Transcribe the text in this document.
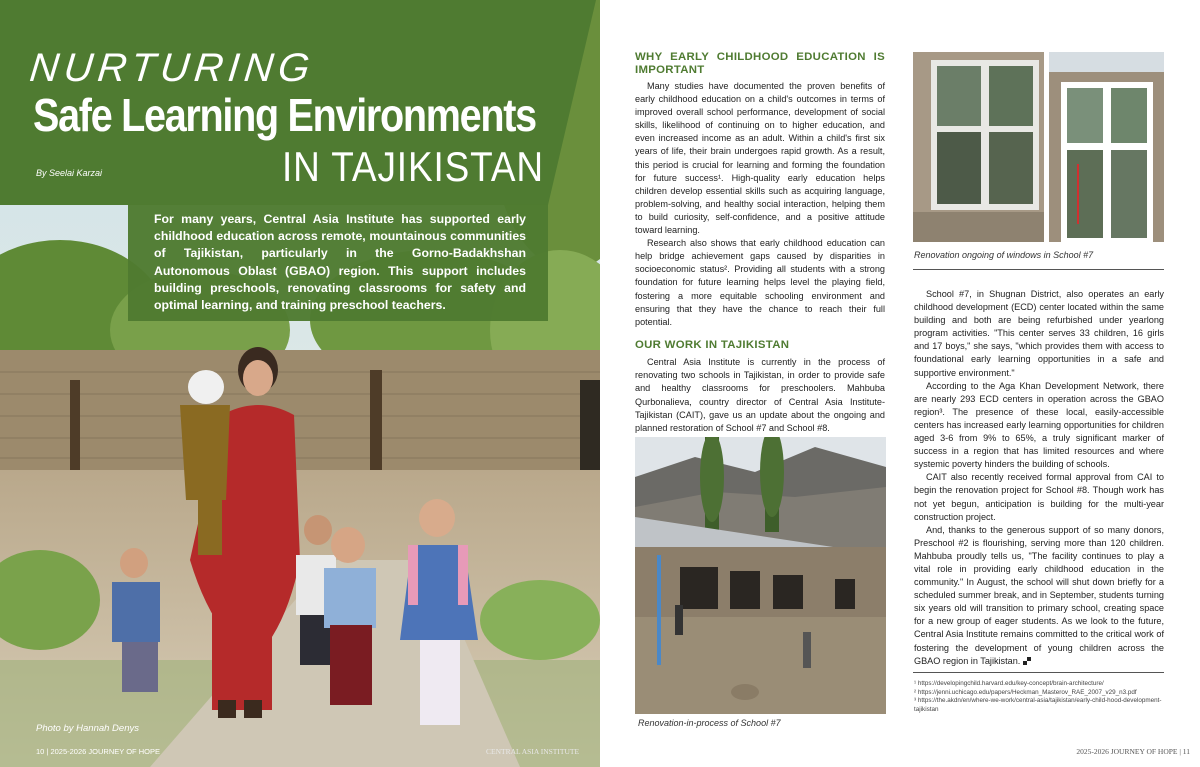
NURTURING
Safe Learning Environments
IN TAJIKISTAN
By Seelai Karzai
For many years, Central Asia Institute has supported early childhood education across remote, mountainous communities of Tajikistan, particularly in the Gorno-Badakhshan Autonomous Oblast (GBAO) region. This support includes building preschools, renovating classrooms for safety and optimal learning, and training preschool teachers.
Photo by Hannah Denys
10 | 2025-2026 JOURNEY OF HOPE	CENTRAL ASIA INSTITUTE
WHY EARLY CHILDHOOD EDUCATION IS IMPORTANT

Many studies have documented the proven benefits of early childhood education on a child's outcomes in terms of improved overall school performance, development of social skills, likelihood of continuing on to higher education, and even increased income as an adult. Within a child's first six years of life, their brain undergoes rapid growth. As a result, this period is crucial for learning and forming the foundation for future success¹. High-quality early education helps children develop essential skills such as acquiring language, problem-solving, and healthy social interaction, helping them to build curiosity, self-confidence, and a positive attitude toward learning.

Research also shows that early childhood education can help bridge achievement gaps caused by disparities in socioeconomic status². Providing all students with a strong foundation for future learning helps level the playing field, fostering a more equitable schooling environment and ensuring that they have the chance to reach their full potential.

OUR WORK IN TAJIKISTAN

Central Asia Institute is currently in the process of renovating two schools in Tajikistan, in order to provide safe and healthy classrooms for preschoolers. Mahbuba Qurbonalieva, country director of Central Asia Institute-Tajikistan (CAIT), gave us an update about the ongoing and planned restoration of School #7 and School #8.

Renovation-in-process of School #7
Renovation ongoing of windows in School #7

School #7, in Shugnan District, also operates an early childhood development (ECD) center located within the same building and both are being refurbished under yearlong program activities. "This center serves 33 children, 16 girls and 17 boys," she says, "which provides them with access to foundational early learning opportunities in a safe and supportive environment."

According to the Aga Khan Development Network, there are nearly 293 ECD centers in operation across the GBAO region³. The presence of these local, easily-accessible centers has increased early learning opportunities for children aged 3-6 from 9% to 65%, a truly significant marker of success in a region that has limited resources and where systemic poverty hinders the building of schools.

CAIT also recently received formal approval from CAI to begin the renovation project for School #8. Though work has not yet begun, anticipation is building for the multi-year construction project.

And, thanks to the generous support of so many donors, Preschool #2 is flourishing, serving more than 120 children. Mahbuba proudly tells us, "The facility continues to play a vital role in providing early childhood education in the community." In August, the school will shut down briefly for a scheduled summer break, and in September, students turning six years old will transition to primary school, creating space for a new group of eager students. As we look to the future, Central Asia Institute remains committed to the critical work of fostering the development of young children across the GBAO region in Tajikistan.

¹ https://developingchild.harvard.edu/key-concept/brain-architecture/
² https://jenni.uchicago.edu/papers/Heckman_Masterov_RAE_2007_v29_n3.pdf
³ https://the.akdn/en/where-we-work/central-asia/tajikistan/early-child-hood-development-tajikistan
2025-2026 JOURNEY OF HOPE | 11
